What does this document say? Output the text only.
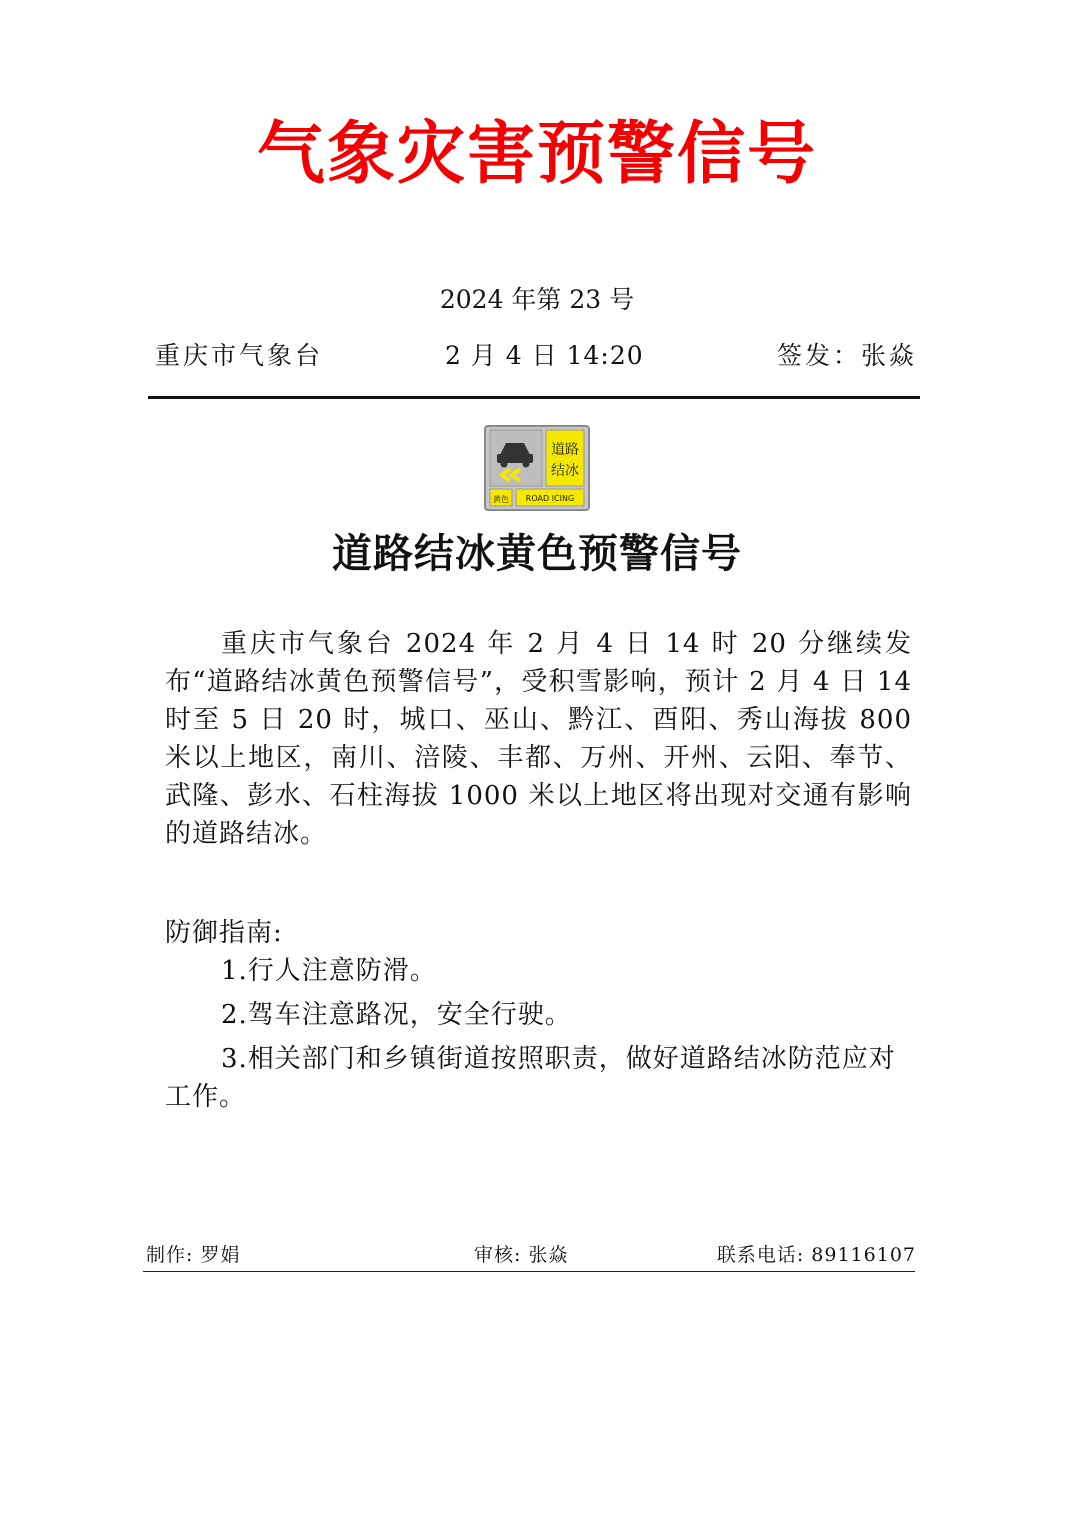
气象灾害预警信号
2024 年第 23 号
重庆市气象台	2 月 4 日 14:20	签发：张焱
道路
结冰
黄色 ROAD ICING
道路结冰黄色预警信号

重庆市气象台 2024 年 2 月 4 日 14 时 20 分继续发布“道路结冰黄色预警信号”，受积雪影响，预计 2 月 4 日 14 时至 5 日 20 时，城口、巫山、黔江、酉阳、秀山海拔 800 米以上地区，南川、涪陵、丰都、万州、开州、云阳、奉节、武隆、彭水、石柱海拔 1000 米以上地区将出现对交通有影响的道路结冰。

防御指南:

1.行人注意防滑。

2.驾车注意路况，安全行驶。

3.相关部门和乡镇街道按照职责，做好道路结冰防范应对工作。

制作: 罗娟	审核: 张焱	联系电话: 89116107
